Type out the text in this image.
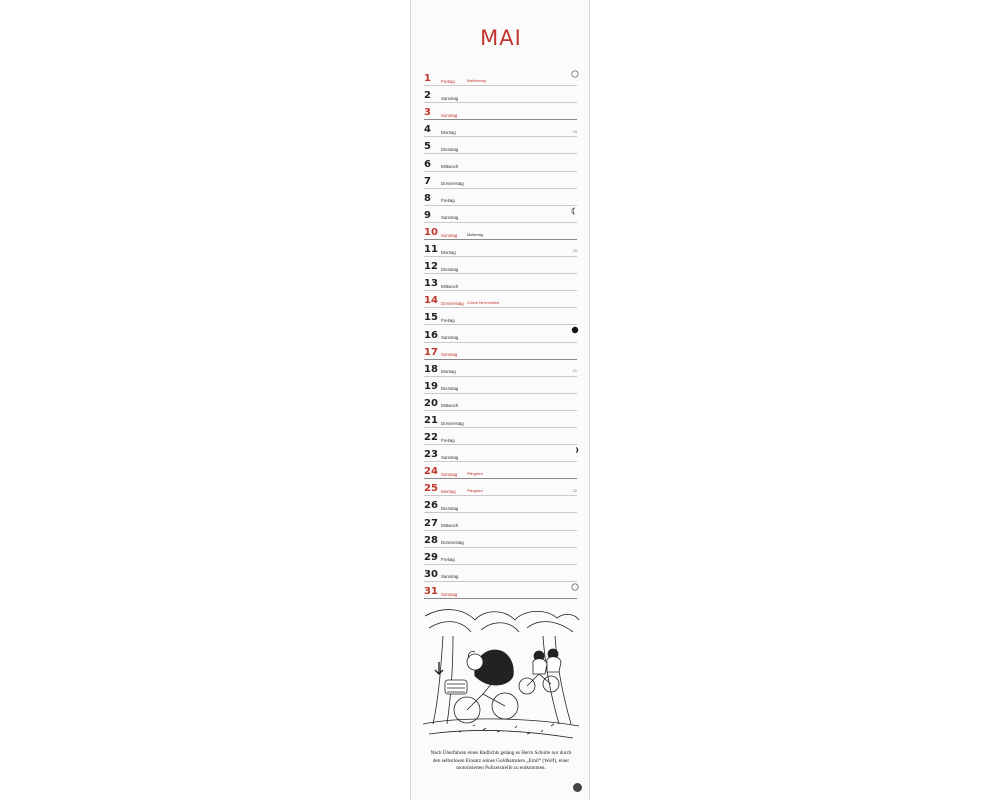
MAI
1	Freitag	Maifeiertag
2	Samstag
3	Sonntag
4	Montag	19
5	Dienstag
6	Mittwoch
7	Donnerstag
8	Freitag
9	Samstag
10 Sonntag	Muttertag
11 Montag	20
12 Dienstag
13 Mittwoch
14 Donnerstag Christi Himmelfahrt
15 Freitag
16 Samstag
17 Sonntag
18 Montag	21
19 Dienstag
20 Mittwoch
21 Donnerstag
22 Freitag
23 Samstag
24 Sonntag	Pfingsten
25 Montag	Pfingsten	22
26 Dienstag
27 Mittwoch
28 Donnerstag
29 Freitag
30 Samstag
31 Sonntag
Nach Überfahren eines Radlichts gelang es Herrn Schulte nur durch den selbstlosen Einsatz seines Goldhamsters „Emil“ (Wolf), einer motorisierten Polizeistreife zu entkommen.
